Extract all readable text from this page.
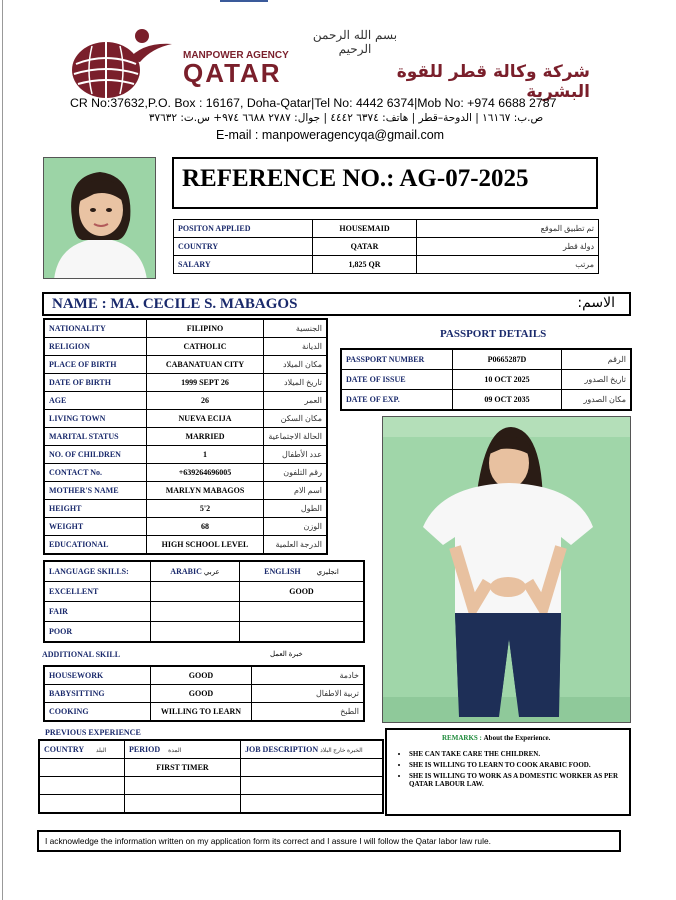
بسم الله الرحمن الرحيم
MANPOWER AGENCY
QATAR	شركة وكالة قطر للقوة البشرية
CR No:37632,P.O. Box : 16167, Doha-Qatar|Tel No: 4442 6374|Mob No: +974 6688 2787
ص.ب: ١٦١٦٧ | الدوحة–قطر | هاتف: ٦٣٧٤ ٤٤٤٢ | جوال: ٢٧٨٧ ٦٦٨٨ ٩٧٤+ س.ت: ٣٧٦٣٢
E-mail : manpoweragencyqa@gmail.com
REFERENCE NO.: AG-07-2025
POSITON APPLIED	HOUSEMAID	تم تطبيق الموقع
COUNTRY	QATAR	دولة قطر
SALARY	1,825 QR	مرتب
NAME : MA. CECILE S. MABAGOS	الاسم:
NATIONALITY	FILIPINO	الجنسية
RELIGION	CATHOLIC	الديانة
PLACE OF BIRTH	CABANATUAN CITY	مكان الميلاد
DATE OF BIRTH	1999 SEPT 26	تاريخ الميلاد
AGE	26	العمر
LIVING TOWN	NUEVA ECIJA	مكان السكن
MARITAL STATUS	MARRIED	الحالة الاجتماعية
NO. OF CHILDREN	1	عدد الأطفال
CONTACT No.	+639264696005	رقم التلفون
MOTHER'S NAME	MARLYN MABAGOS	اسم الام
HEIGHT	5'2	الطول
WEIGHT	68	الوزن
EDUCATIONAL	HIGH SCHOOL LEVEL	الدرجة العلمية
PASSPORT DETAILS
PASSPORT NUMBER	P0665287D	الرقم
DATE OF ISSUE	10 OCT 2025	تاريخ الصدور
DATE OF EXP.	09 OCT 2035	مكان الصدور
LANGUAGE SKILLS:	ARABIC عربي	ENGLISH انجليزي
EXCELLENT		GOOD
FAIR		
POOR		
ADDITIONAL SKILL	خبرة العمل
HOUSEWORK	GOOD	خادمة
BABYSITTING	GOOD	تربية الاطفال
COOKING	WILLING TO LEARN	الطبخ
PREVIOUS EXPERIENCE
COUNTRY البلد	PERIOD المدة	JOB DESCRIPTION الخبرة خارج البلاد
	FIRST TIMER	

REMARKS : About the Experience.
• SHE CAN TAKE CARE THE CHILDREN.
• SHE IS WILLING TO LEARN TO COOK ARABIC FOOD.
• SHE IS WILLING TO WORK AS A DOMESTIC WORKER AS PER QATAR LABOUR LAW.
I acknowledge the information written on my application form its correct and I assure I will follow the Qatar labor law rule.
